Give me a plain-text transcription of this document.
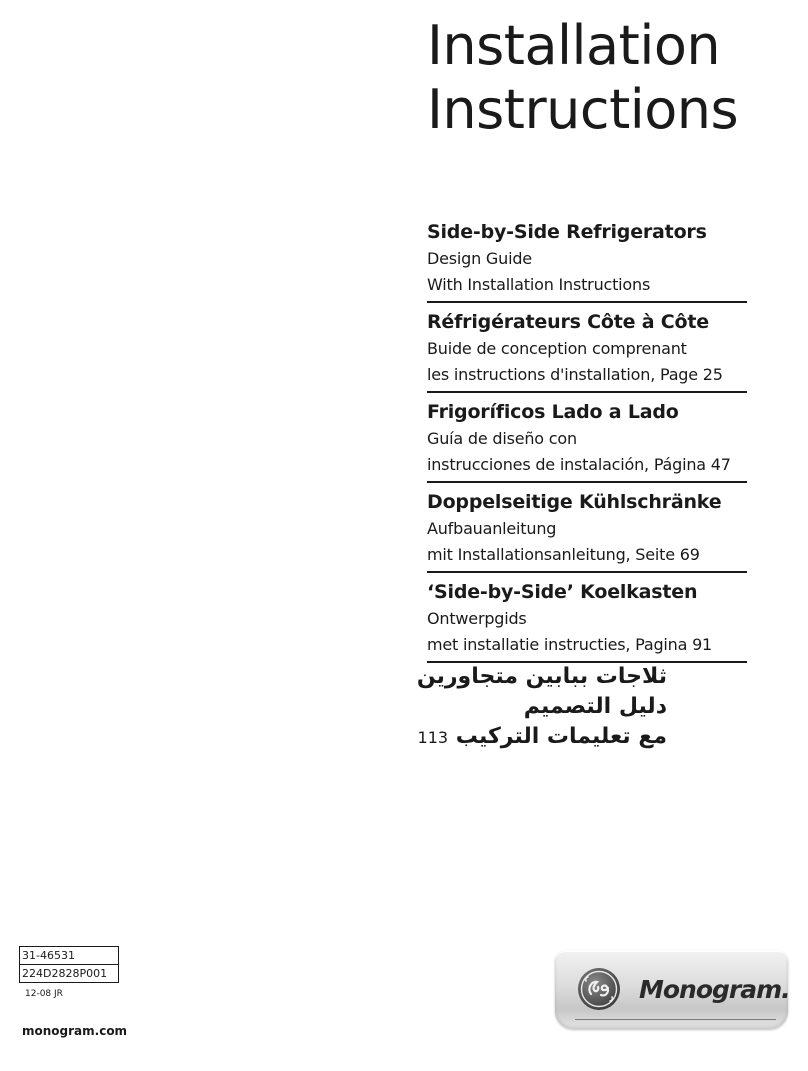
Installation
Instructions
Side-by-Side Refrigerators
Design Guide
With Installation Instructions
Réfrigérateurs Côte à Côte
Buide de conception comprenant
les instructions d'installation, Page 25
Frigoríficos Lado a Lado
Guía de diseño con
instrucciones de instalación, Página 47
Doppelseitige Kühlschränke
Aufbauanleitung
mit Installationsanleitung, Seite 69
‘Side-by-Side’ Koelkasten
Ontwerpgids
met installatie instructies, Pagina 91
ثلاجات ببابين متجاورين
دليل التصميم
مع تعليمات التركيب 113
31-46531
224D2828P001
12-08 JR
monogram.com
Monogram.
